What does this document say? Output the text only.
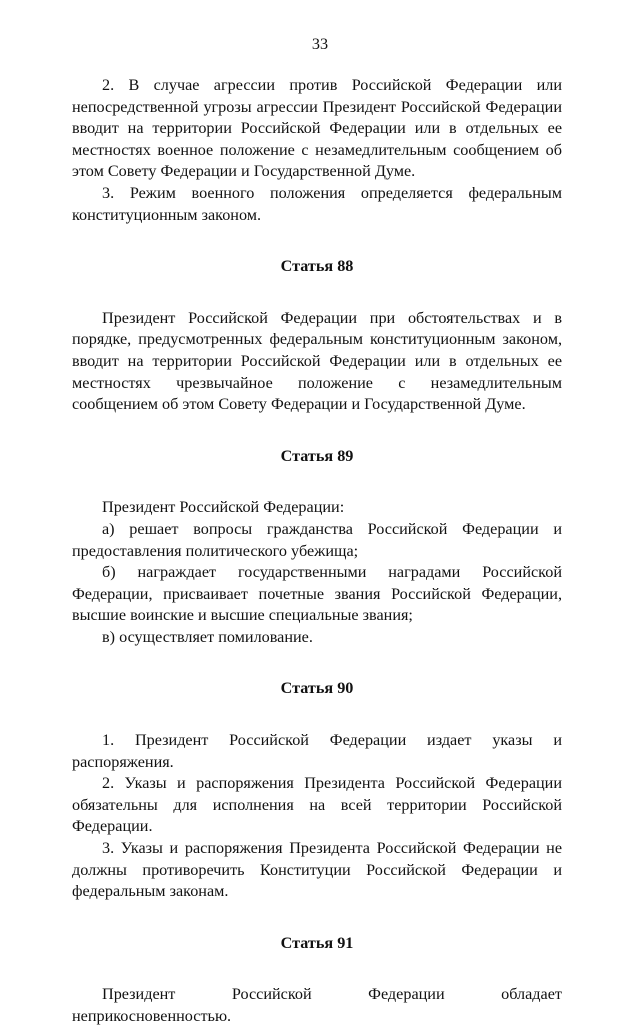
33

2. В случае агрессии против Российской Федерации или непосредственной угрозы агрессии Президент Российской Федерации вводит на территории Российской Федерации или в отдельных ее местностях военное положение с незамедлительным сообщением об этом Совету Федерации и Государственной Думе.

3. Режим военного положения определяется федеральным конституционным законом.

Статья 88

Президент Российской Федерации при обстоятельствах и в порядке, предусмотренных федеральным конституционным законом, вводит на территории Российской Федерации или в отдельных ее местностях чрезвычайное положение с незамедлительным сообщением об этом Совету Федерации и Государственной Думе.

Статья 89

Президент Российской Федерации:

а) решает вопросы гражданства Российской Федерации и предоставления политического убежища;

б) награждает государственными наградами Российской Федерации, присваивает почетные звания Российской Федерации, высшие воинские и высшие специальные звания;

в) осуществляет помилование.

Статья 90

1. Президент Российской Федерации издает указы и распоряжения.

2. Указы и распоряжения Президента Российской Федерации обязательны для исполнения на всей территории Российской Федерации.

3. Указы и распоряжения Президента Российской Федерации не должны противоречить Конституции Российской Федерации и федеральным законам.

Статья 91

Президент Российской Федерации обладает неприкосновенностью.
